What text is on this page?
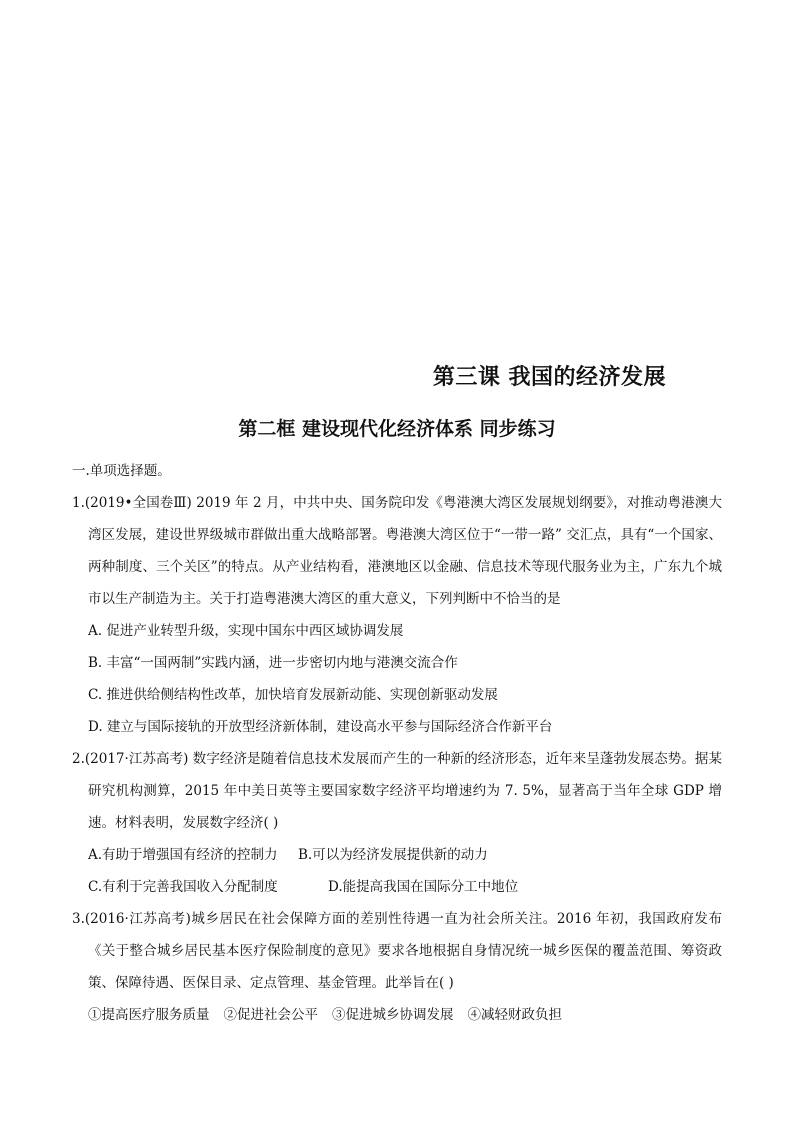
第三课 我国的经济发展
第二框 建设现代化经济体系 同步练习
一.单项选择题。
1.(2019•全国卷Ⅲ) 2019 年 2 月，中共中央、国务院印发《粤港澳大湾区发展规划纲要》，对推动粤港澳大湾区发展，建设世界级城市群做出重大战略部署。粤港澳大湾区位于“一带一路” 交汇点，具有“一个国家、两种制度、三个关区”的特点。从产业结构看，港澳地区以金融、信息技术等现代服务业为主，广东九个城市以生产制造为主。关于打造粤港澳大湾区的重大意义，下列判断中不恰当的是
A. 促进产业转型升级，实现中国东中西区域协调发展
B. 丰富“一国两制”实践内涵，进一步密切内地与港澳交流合作
C. 推进供给侧结构性改革，加快培育发展新动能、实现创新驱动发展
D. 建立与国际接轨的开放型经济新体制，建设高水平参与国际经济合作新平台
2.(2017·江苏高考) 数字经济是随着信息技术发展而产生的一种新的经济形态，近年来呈蓬勃发展态势。据某研究机构测算，2015 年中美日英等主要国家数字经济平均增速约为 7. 5%，显著高于当年全球 GDP 增速。材料表明，发展数字经济( )
A.有助于增强国有经济的控制力 B.可以为经济发展提供新的动力
C.有利于完善我国收入分配制度	D.能提高我国在国际分工中地位
3.(2016·江苏高考)城乡居民在社会保障方面的差别性待遇一直为社会所关注。2016 年初，我国政府发布《关于整合城乡居民基本医疗保险制度的意见》要求各地根据自身情况统一城乡医保的覆盖范围、筹资政策、保障待遇、医保目录、定点管理、基金管理。此举旨在( )
①提高医疗服务质量 ②促进社会公平 ③促进城乡协调发展 ④减轻财政负担
